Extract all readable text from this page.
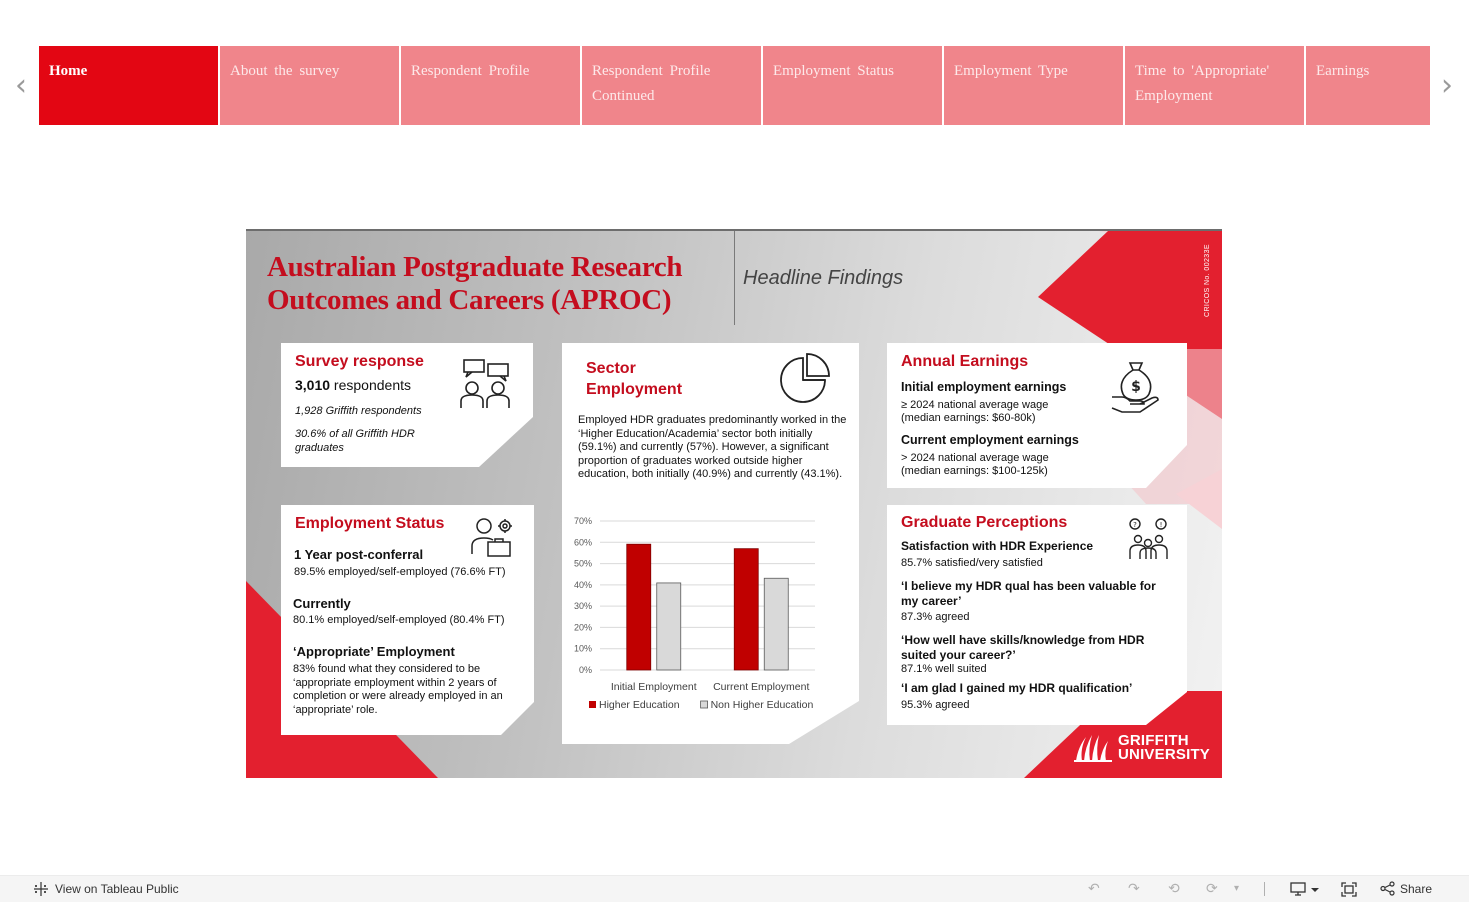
‹	Home	About the survey	Respondent Profile	Respondent Profile Continued
Employment Status	Employment Type	Time to 'Appropriate' Employment
Earnings	›
Australian Postgraduate Research Outcomes and Careers (APROC)
Headline Findings	CRICOS No. 00233E
Survey response
3,010 respondents
1,928 Griffith respondents
30.6% of all Griffith HDR graduates
Sector Employment
Employed HDR graduates predominantly worked in the ‘Higher Education/Academia’ sector both initially (59.1%) and currently (57%). However, a significant proportion of graduates worked outside higher education, both initially (40.9%) and currently (43.1%).
0%
10%
20%
30%
40%
50%
60%
70%
Initial Employment Current Employment
Higher Education	Non Higher Education
Annual Earnings
Initial employment earnings
≥ 2024 national average wage
(median earnings: $60-80k)
Current employment earnings
> 2024 national average wage
(median earnings: $100-125k)
$
Employment Status
1 Year post-conferral
89.5% employed/self-employed (76.6% FT)
Currently
80.1% employed/self-employed (80.4% FT)
‘Appropriate’ Employment
83% found what they considered to be ‘appropriate employment within 2 years of completion or were already employed in an ‘appropriate’ role.
Graduate Perceptions
Satisfaction with HDR Experience
85.7% satisfied/very satisfied
‘I believe my HDR qual has been valuable for my career’
87.3% agreed
‘How well have skills/knowledge from HDR suited your career?’
87.1% well suited
‘I am glad I gained my HDR qualification’
95.3% agreed
?	!
GRIFFITH
UNIVERSITY
View on Tableau Public	↶ ↷ ⟲ ⟳ ▾	Share
